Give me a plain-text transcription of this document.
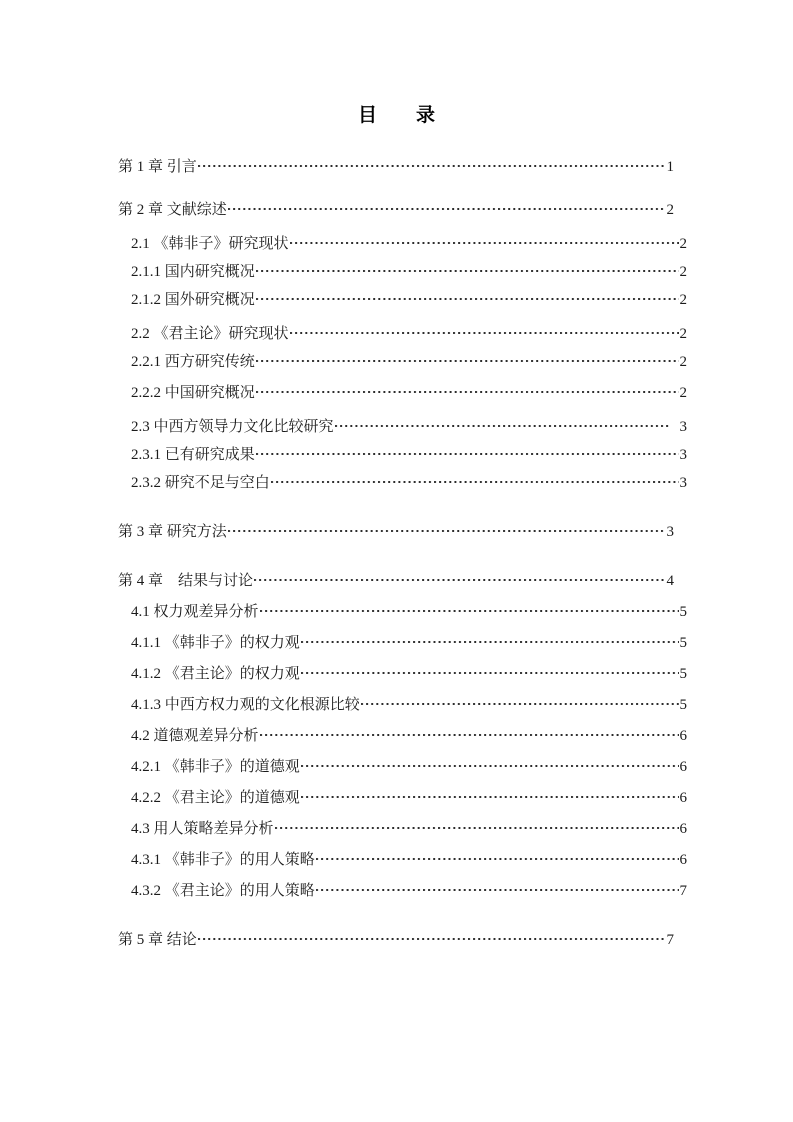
目　录
第 1 章 引言	1
第 2 章 文献综述	2
2.1 《韩非子》研究现状	2
2.1.1 国内研究概况	2
2.1.2 国外研究概况	2
2.2 《君主论》研究现状	2
2.2.1 西方研究传统	2
2.2.2 中国研究概况	2
2.3 中西方领导力文化比较研究	3
2.3.1 已有研究成果	3
2.3.2 研究不足与空白	3
第 3 章 研究方法	3
第 4 章　结果与讨论	4
4.1 权力观差异分析	5
4.1.1 《韩非子》的权力观	5
4.1.2 《君主论》的权力观	5
4.1.3 中西方权力观的文化根源比较	5
4.2 道德观差异分析	6
4.2.1 《韩非子》的道德观	6
4.2.2 《君主论》的道德观	6
4.3 用人策略差异分析	6
4.3.1 《韩非子》的用人策略	6
4.3.2 《君主论》的用人策略	7
第 5 章 结论	7
